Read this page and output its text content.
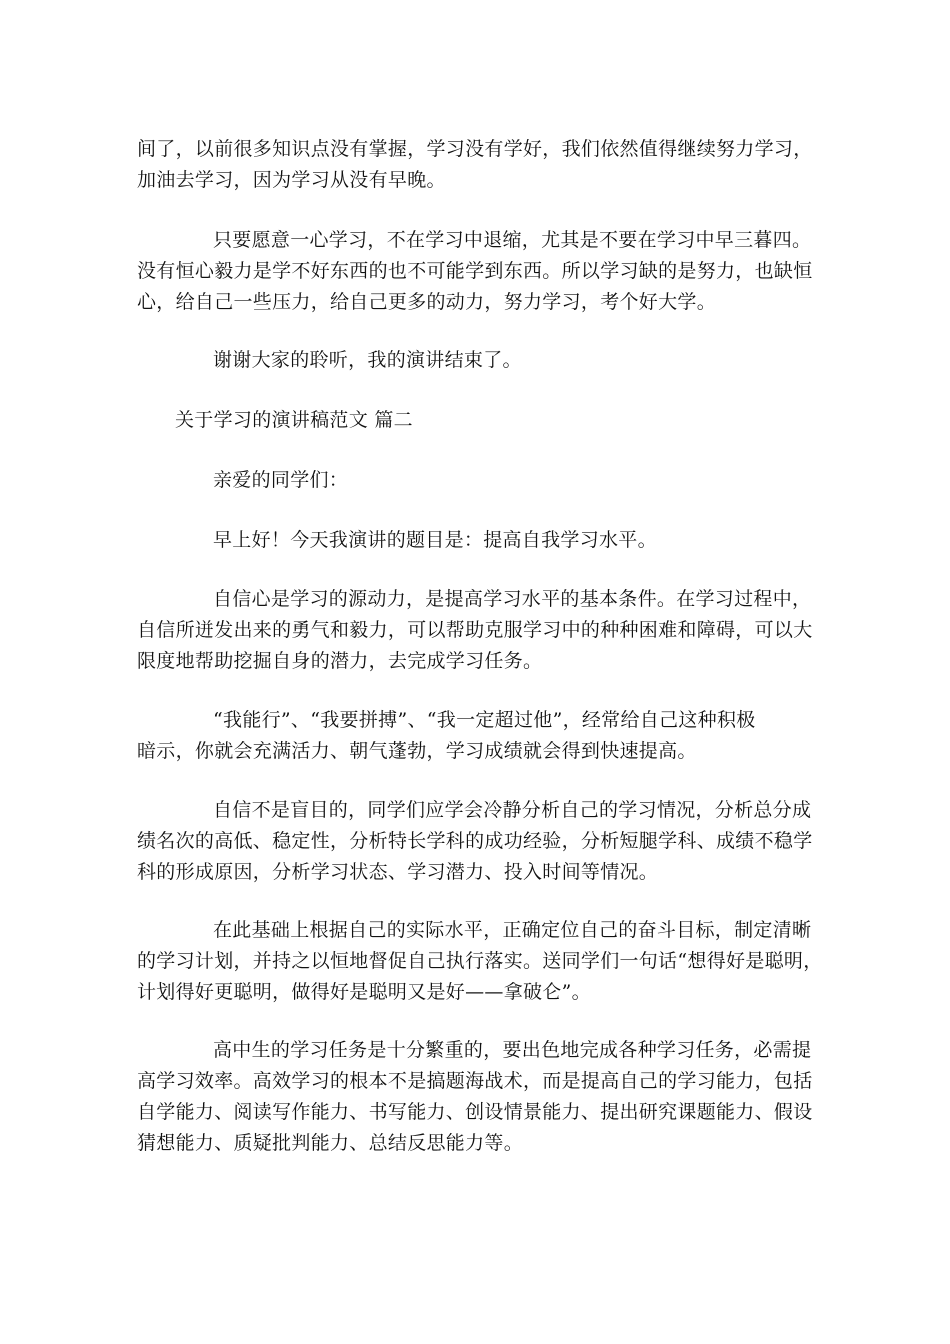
间了，以前很多知识点没有掌握，学习没有学好，我们依然值得继续努力学习，

加油去学习，因为学习从没有早晚。

只要愿意一心学习，不在学习中退缩，尤其是不要在学习中早三暮四。

没有恒心毅力是学不好东西的也不可能学到东西。所以学习缺的是努力，也缺恒

心，给自己一些压力，给自己更多的动力，努力学习，考个好大学。

谢谢大家的聆听，我的演讲结束了。

关于学习的演讲稿范文 篇二

亲爱的同学们：

早上好！今天我演讲的题目是：提高自我学习水平。

自信心是学习的源动力，是提高学习水平的基本条件。在学习过程中，

自信所迸发出来的勇气和毅力，可以帮助克服学习中的种种困难和障碍，可以大

限度地帮助挖掘自身的潜力，去完成学习任务。

“我能行”、“我要拼搏”、“我一定超过他”，经常给自己这种积极

暗示，你就会充满活力、朝气蓬勃，学习成绩就会得到快速提高。

自信不是盲目的，同学们应学会冷静分析自己的学习情况，分析总分成

绩名次的高低、稳定性，分析特长学科的成功经验，分析短腿学科、成绩不稳学

科的形成原因，分析学习状态、学习潜力、投入时间等情况。

在此基础上根据自己的实际水平，正确定位自己的奋斗目标，制定清晰

的学习计划，并持之以恒地督促自己执行落实。送同学们一句话“想得好是聪明，

计划得好更聪明，做得好是聪明又是好——拿破仑”。

高中生的学习任务是十分繁重的，要出色地完成各种学习任务，必需提

高学习效率。高效学习的根本不是搞题海战术，而是提高自己的学习能力，包括

自学能力、阅读写作能力、书写能力、创设情景能力、提出研究课题能力、假设

猜想能力、质疑批判能力、总结反思能力等。
